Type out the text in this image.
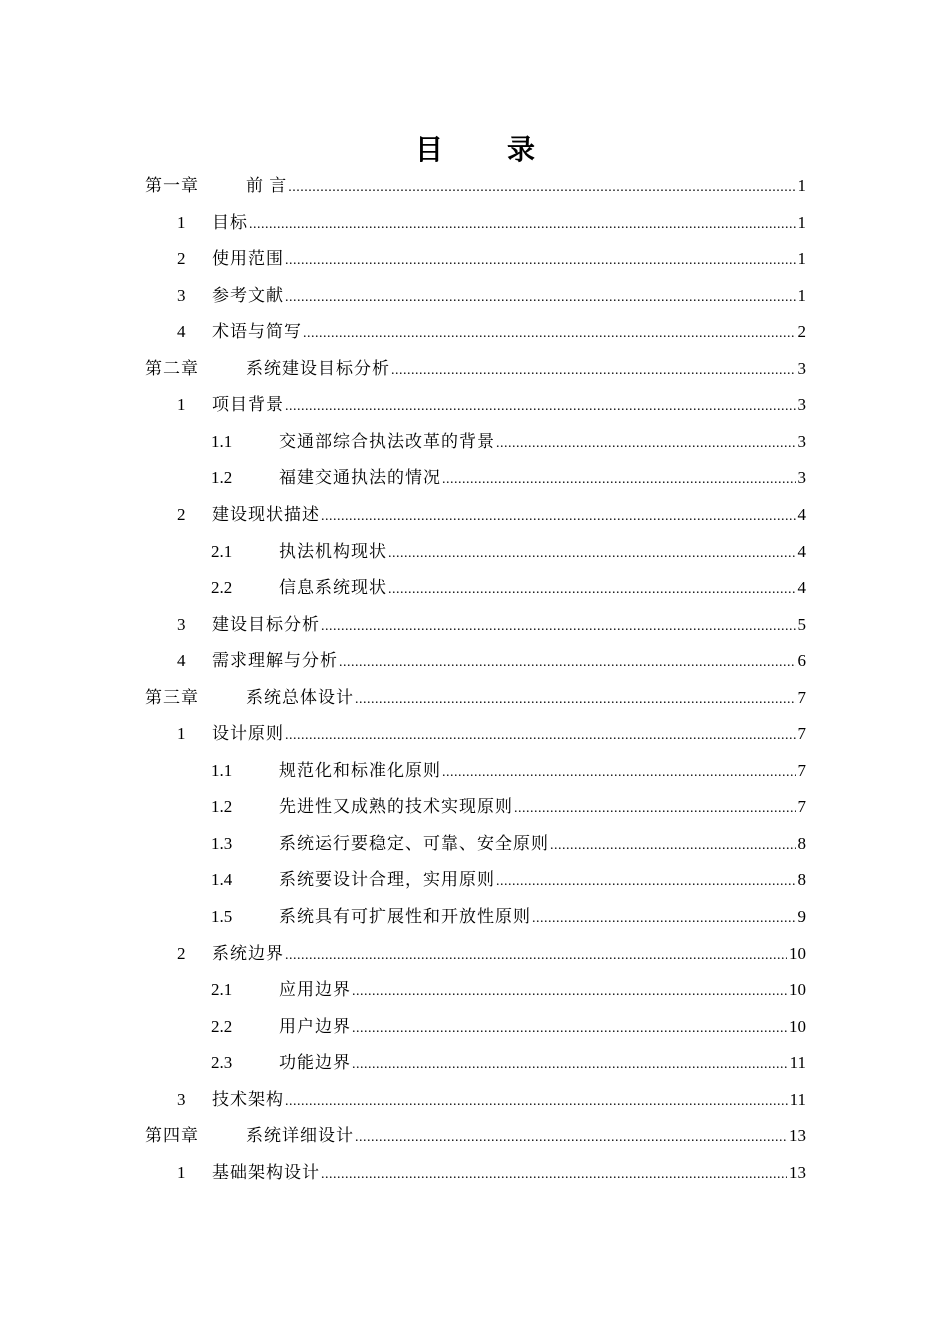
目　录
第一章	前 言 .....	1
1 目标 .....	1
2 使用范围 .....	1
3 参考文献 .....	1
4 术语与简写 .....	2
第二章	系统建设目标分析 .....	3
1 项目背景 .....	3
1.1	交通部综合执法改革的背景 .....	3
1.2	福建交通执法的情况 .....	3
2 建设现状描述 .....	4
2.1	执法机构现状 .....	4
2.2	信息系统现状 .....	4
3 建设目标分析 .....	5
4 需求理解与分析 .....	6
第三章	系统总体设计 .....	7
1 设计原则 .....	7
1.1	规范化和标准化原则 .....	7
1.2	先进性又成熟的技术实现原则 .....	7
1.3	系统运行要稳定、可靠、安全原则 .....	8
1.4	系统要设计合理，实用原则 .....	8
1.5	系统具有可扩展性和开放性原则 .....	9
2 系统边界 .....	10
2.1	应用边界 .....	10
2.2	用户边界 .....	10
2.3	功能边界 .....	11
3 技术架构 .....	11
第四章	系统详细设计 .....	13
1 基础架构设计 .....	13
